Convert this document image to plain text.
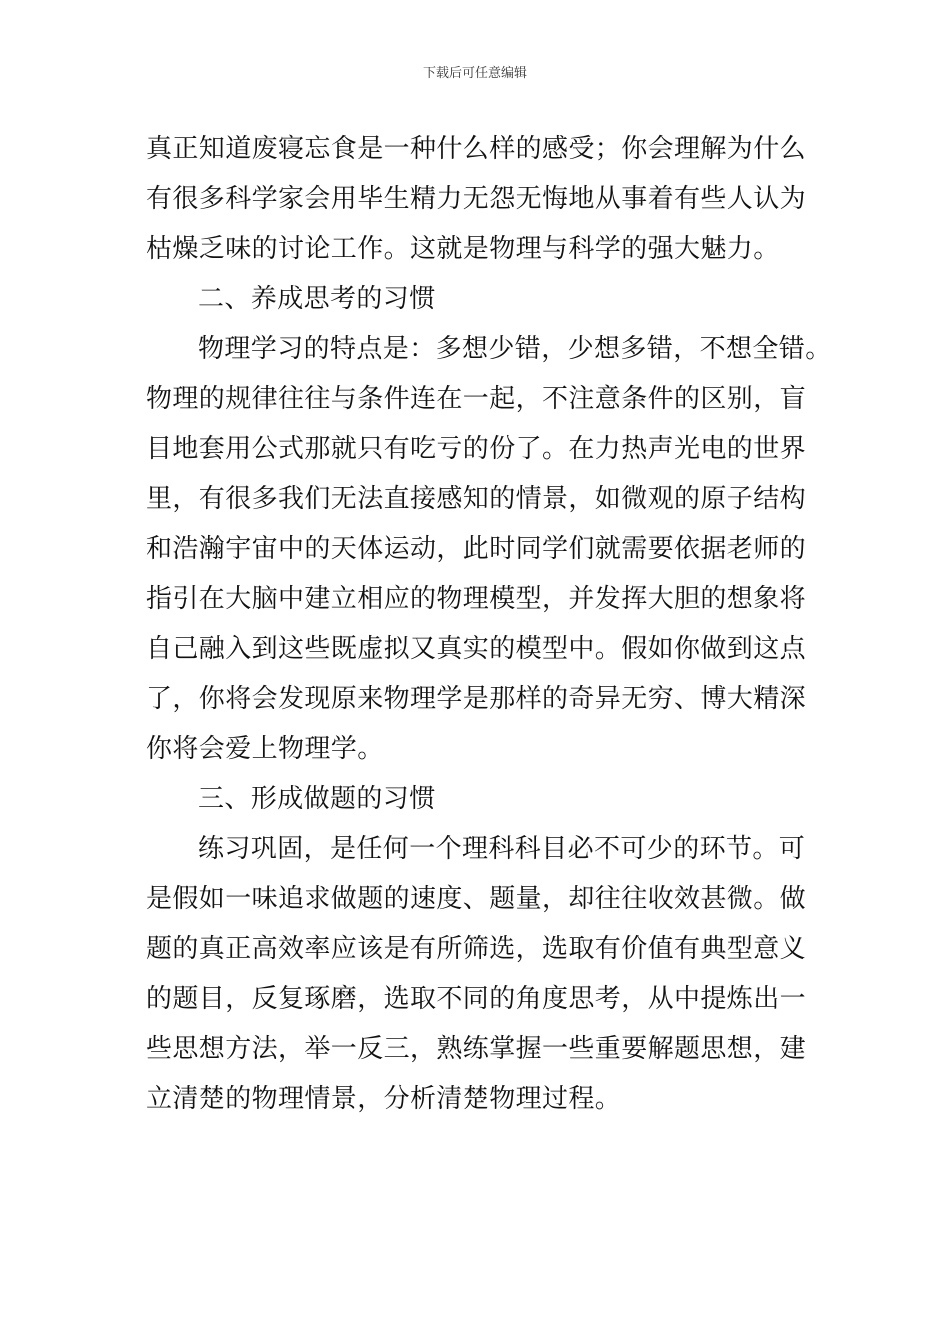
下载后可任意编辑
真正知道废寝忘食是一种什么样的感受；你会理解为什么
有很多科学家会用毕生精力无怨无悔地从事着有些人认为
枯燥乏味的讨论工作。这就是物理与科学的强大魅力。
二、养成思考的习惯
物理学习的特点是：多想少错，少想多错，不想全错。
物理的规律往往与条件连在一起，不注意条件的区别，盲
目地套用公式那就只有吃亏的份了。在力热声光电的世界
里，有很多我们无法直接感知的情景，如微观的原子结构
和浩瀚宇宙中的天体运动，此时同学们就需要依据老师的
指引在大脑中建立相应的物理模型，并发挥大胆的想象将
自己融入到这些既虚拟又真实的模型中。假如你做到这点
了，你将会发现原来物理学是那样的奇异无穷、博大精深
你将会爱上物理学。
三、形成做题的习惯
练习巩固，是任何一个理科科目必不可少的环节。可
是假如一味追求做题的速度、题量，却往往收效甚微。做
题的真正高效率应该是有所筛选，选取有价值有典型意义
的题目，反复琢磨，选取不同的角度思考，从中提炼出一
些思想方法，举一反三，熟练掌握一些重要解题思想，建
立清楚的物理情景，分析清楚物理过程。
